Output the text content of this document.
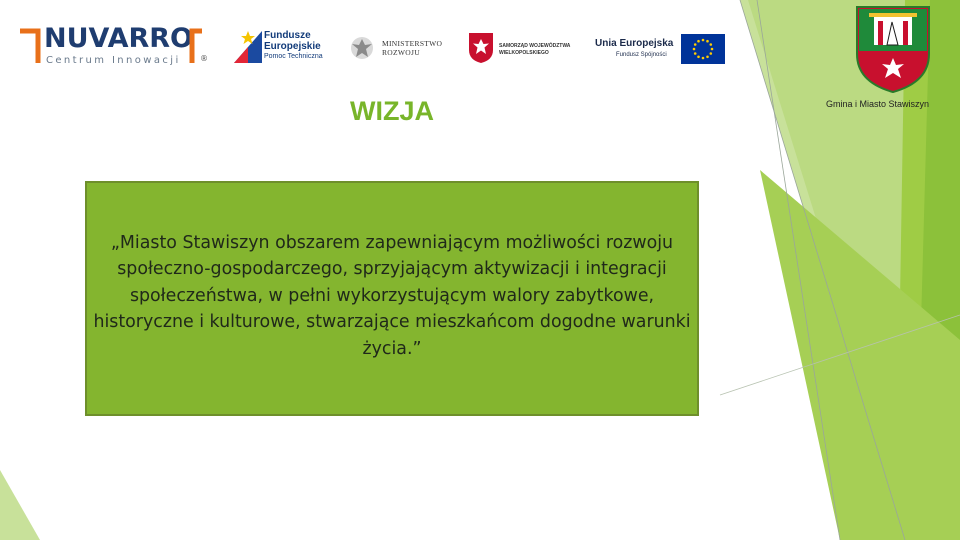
NUVARRO
Centrum Innowacji ®
Fundusze
Europejskie
Pomoc Techniczna
MINISTERSTWO
ROZWOJU
SAMORZĄD WOJEWÓDZTWA
WIELKOPOLSKIEGO
Unia Europejska
Fundusz Spójności
Gmina i Miasto Stawiszyn
WIZJA

„Miasto Stawiszyn obszarem zapewniającym możliwości rozwoju społeczno-gospodarczego, sprzyjającym aktywizacji i integracji społeczeństwa, w pełni wykorzystującym walory zabytkowe, historyczne i kulturowe, stwarzające mieszkańcom dogodne warunki życia.”
